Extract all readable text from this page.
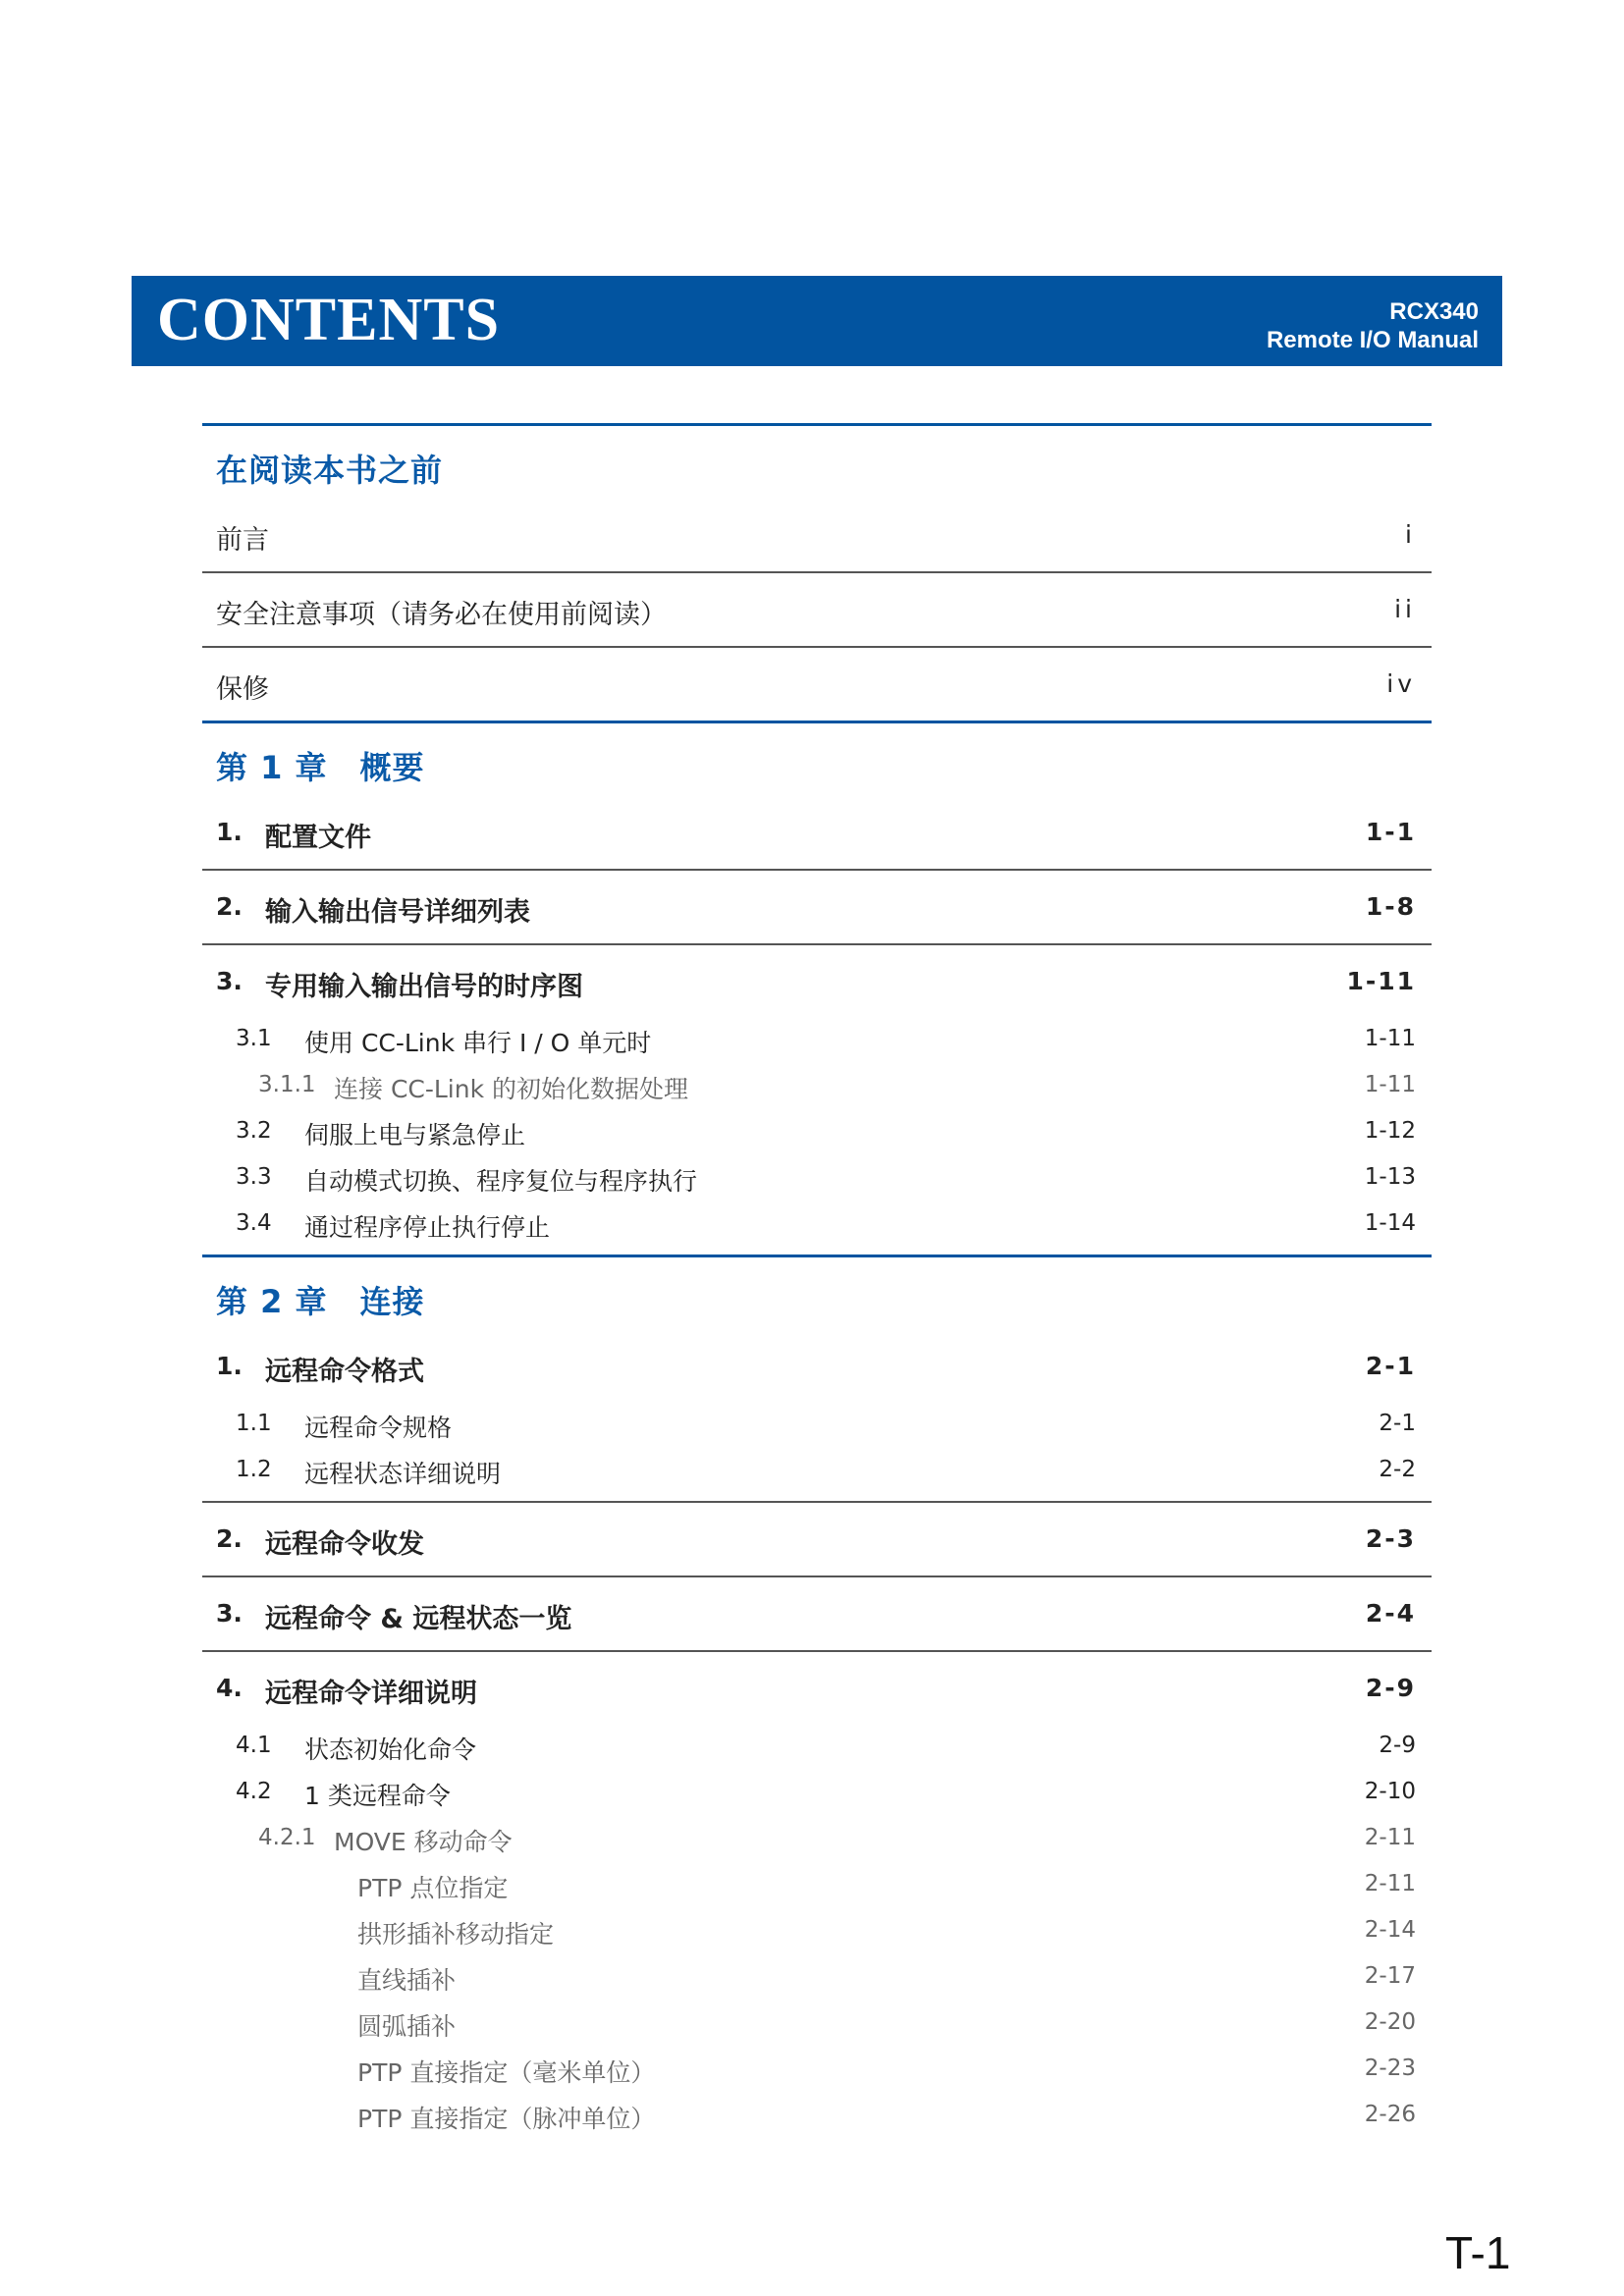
CONTENTS	RCX340
Remote I/O Manual
在阅读本书之前
前言	i
安全注意事项（请务必在使用前阅读）	ii
保修	iv
第 1 章　概要
1. 配置文件	1-1
2. 输入输出信号详细列表	1-8
3. 专用输入输出信号的时序图	1-11
3.1 使用 CC-Link 串行 I / O 单元时	1-11
3.1.1 连接 CC-Link 的初始化数据处理	1-11
3.2 伺服上电与紧急停止	1-12
3.3 自动模式切换、程序复位与程序执行	1-13
3.4 通过程序停止执行停止	1-14
第 2 章　连接
1. 远程命令格式	2-1
1.1 远程命令规格	2-1
1.2 远程状态详细说明	2-2
2. 远程命令收发	2-3
3. 远程命令 & 远程状态一览	2-4
4. 远程命令详细说明	2-9
4.1 状态初始化命令	2-9
4.2 1 类远程命令	2-10
4.2.1 MOVE 移动命令	2-11
PTP 点位指定	2-11
拱形插补移动指定	2-14
直线插补	2-17
圆弧插补	2-20
PTP 直接指定（毫米单位）	2-23
PTP 直接指定（脉冲单位）	2-26
T-1
